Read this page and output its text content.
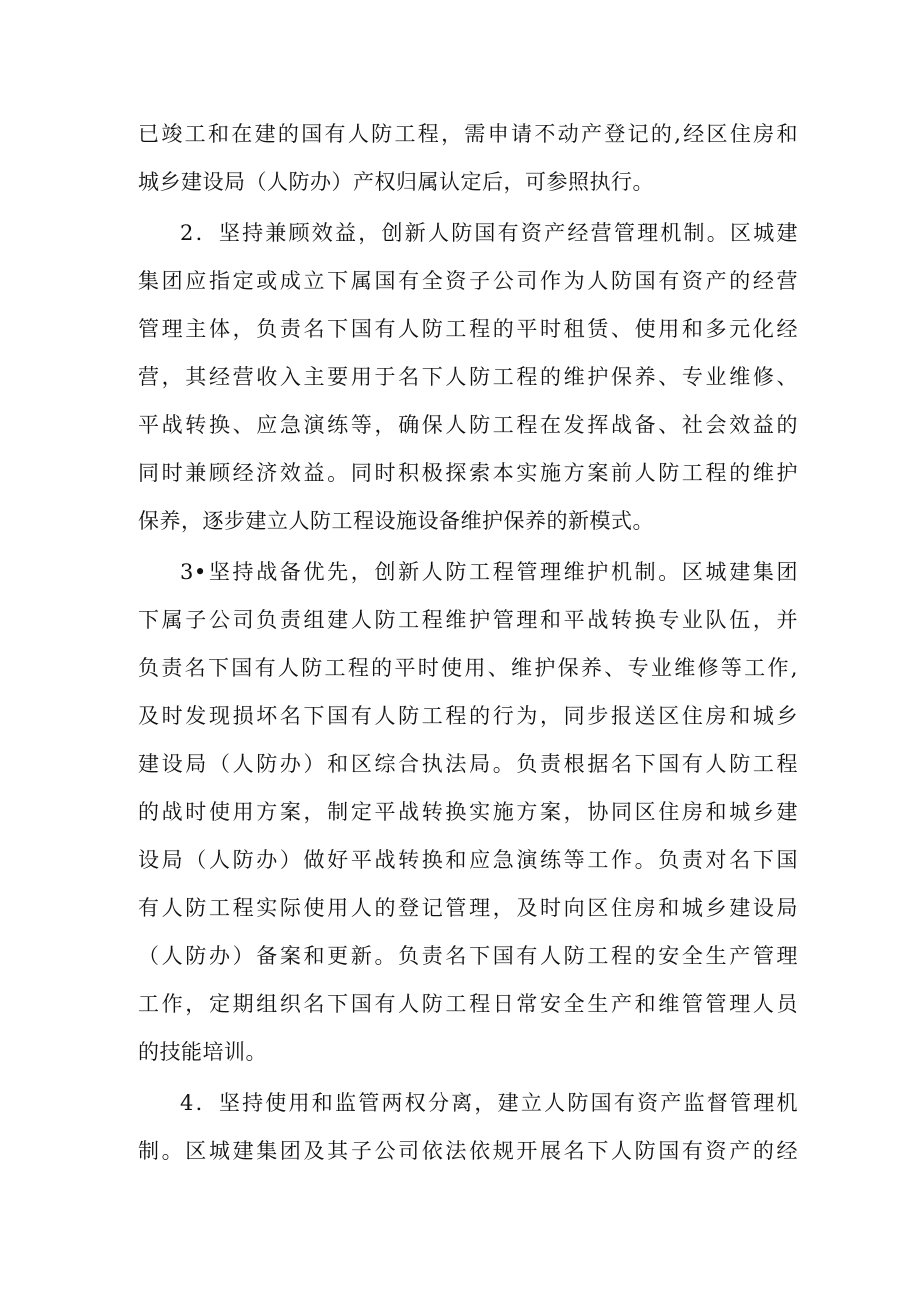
已竣工和在建的国有人防工程，需申请不动产登记的,经区住房和
城乡建设局（人防办）产权归属认定后，可参照执行。
2．坚持兼顾效益，创新人防国有资产经营管理机制。区城建
集团应指定或成立下属国有全资子公司作为人防国有资产的经营
管理主体，负责名下国有人防工程的平时租赁、使用和多元化经
营，其经营收入主要用于名下人防工程的维护保养、专业维修、
平战转换、应急演练等，确保人防工程在发挥战备、社会效益的
同时兼顾经济效益。同时积极探索本实施方案前人防工程的维护
保养，逐步建立人防工程设施设备维护保养的新模式。
3•坚持战备优先，创新人防工程管理维护机制。区城建集团
下属子公司负责组建人防工程维护管理和平战转换专业队伍，并
负责名下国有人防工程的平时使用、维护保养、专业维修等工作,
及时发现损坏名下国有人防工程的行为，同步报送区住房和城乡
建设局（人防办）和区综合执法局。负责根据名下国有人防工程
的战时使用方案，制定平战转换实施方案，协同区住房和城乡建
设局（人防办）做好平战转换和应急演练等工作。负责对名下国
有人防工程实际使用人的登记管理，及时向区住房和城乡建设局
（人防办）备案和更新。负责名下国有人防工程的安全生产管理
工作，定期组织名下国有人防工程日常安全生产和维管管理人员
的技能培训。
4．坚持使用和监管两权分离，建立人防国有资产监督管理机
制。区城建集团及其子公司依法依规开展名下人防国有资产的经
